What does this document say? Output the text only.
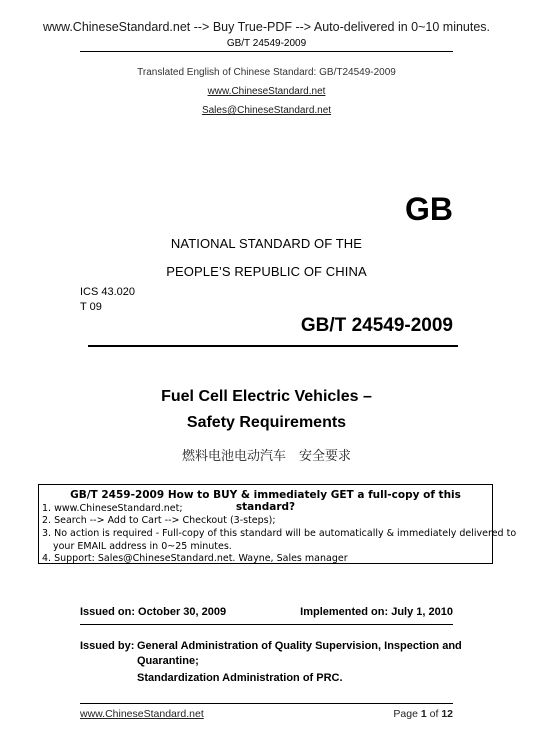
www.ChineseStandard.net --> Buy True-PDF --> Auto-delivered in 0~10 minutes.
GB/T 24549-2009
Translated English of Chinese Standard: GB/T24549-2009
www.ChineseStandard.net
Sales@ChineseStandard.net
GB
NATIONAL STANDARD OF THE
PEOPLE’S REPUBLIC OF CHINA
ICS 43.020
T 09
GB/T 24549-2009
Fuel Cell Electric Vehicles –
Safety Requirements
燃料电池电动汽车　安全要求
GB/T 2459-2009 How to BUY & immediately GET a full-copy of this standard?
1. www.ChineseStandard.net;
2. Search --> Add to Cart --> Checkout (3-steps);
3. No action is required - Full-copy of this standard will be automatically & immediately delivered to
your EMAIL address in 0~25 minutes.
4. Support: Sales@ChineseStandard.net. Wayne, Sales manager
Issued on: October 30, 2009	Implemented on: July 1, 2010
Issued by: General Administration of Quality Supervision, Inspection and
Quarantine;
Standardization Administration of PRC.
www.ChineseStandard.net	Page 1 of 12
